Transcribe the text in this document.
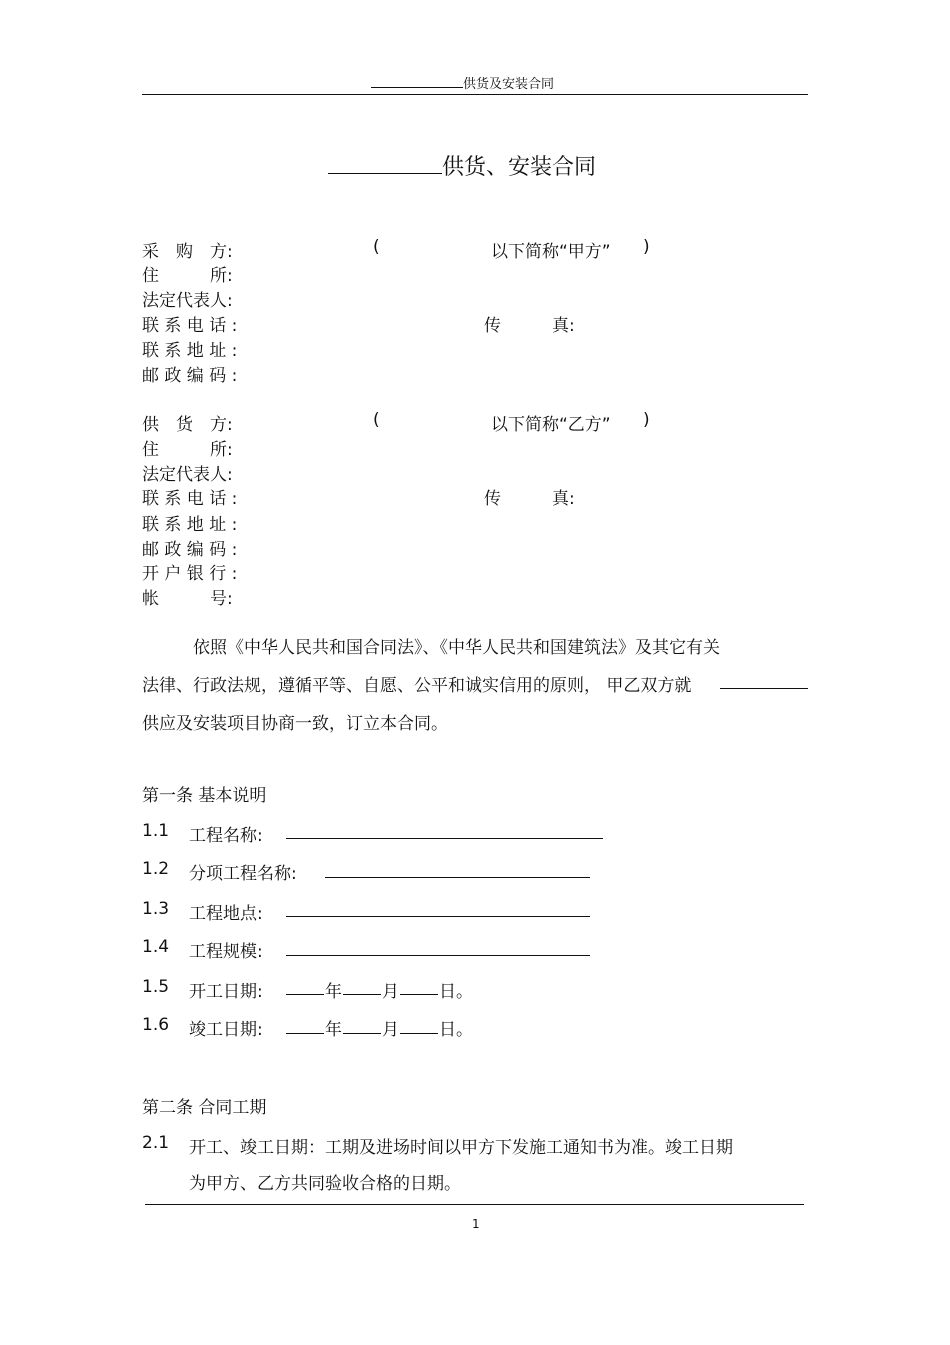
供货及安装合同
供货、安装合同
采　购　方:	(	以下简称“甲方” )
住　　　所:
法定代表人:
联 系 电 话 :	传　　　真:
联 系 地 址 :
邮 政 编 码 :
供　货　方:	(	以下简称“乙方” )
住　　　所:
法定代表人:
联 系 电 话 :	传　　　真:
联 系 地 址 :
邮 政 编 码 :
开 户 银 行 :
帐　　　号:
依照《中华人民共和国合同法》、《中华人民共和国建筑法》及其它有关
法律、行政法规，遵循平等、自愿、公平和诚实信用的原则， 甲乙双方就
供应及安装项目协商一致，订立本合同。
第一条 基本说明
1.1 工程名称:
1.2 分项工程名称:
1.3 工程地点:
1.4 工程规模:
1.5 开工日期:	年 月 日。
1.6 竣工日期:	年 月 日。
第二条 合同工期
2.1 开工、竣工日期：工期及进场时间以甲方下发施工通知书为准。竣工日期
为甲方、乙方共同验收合格的日期。
1
